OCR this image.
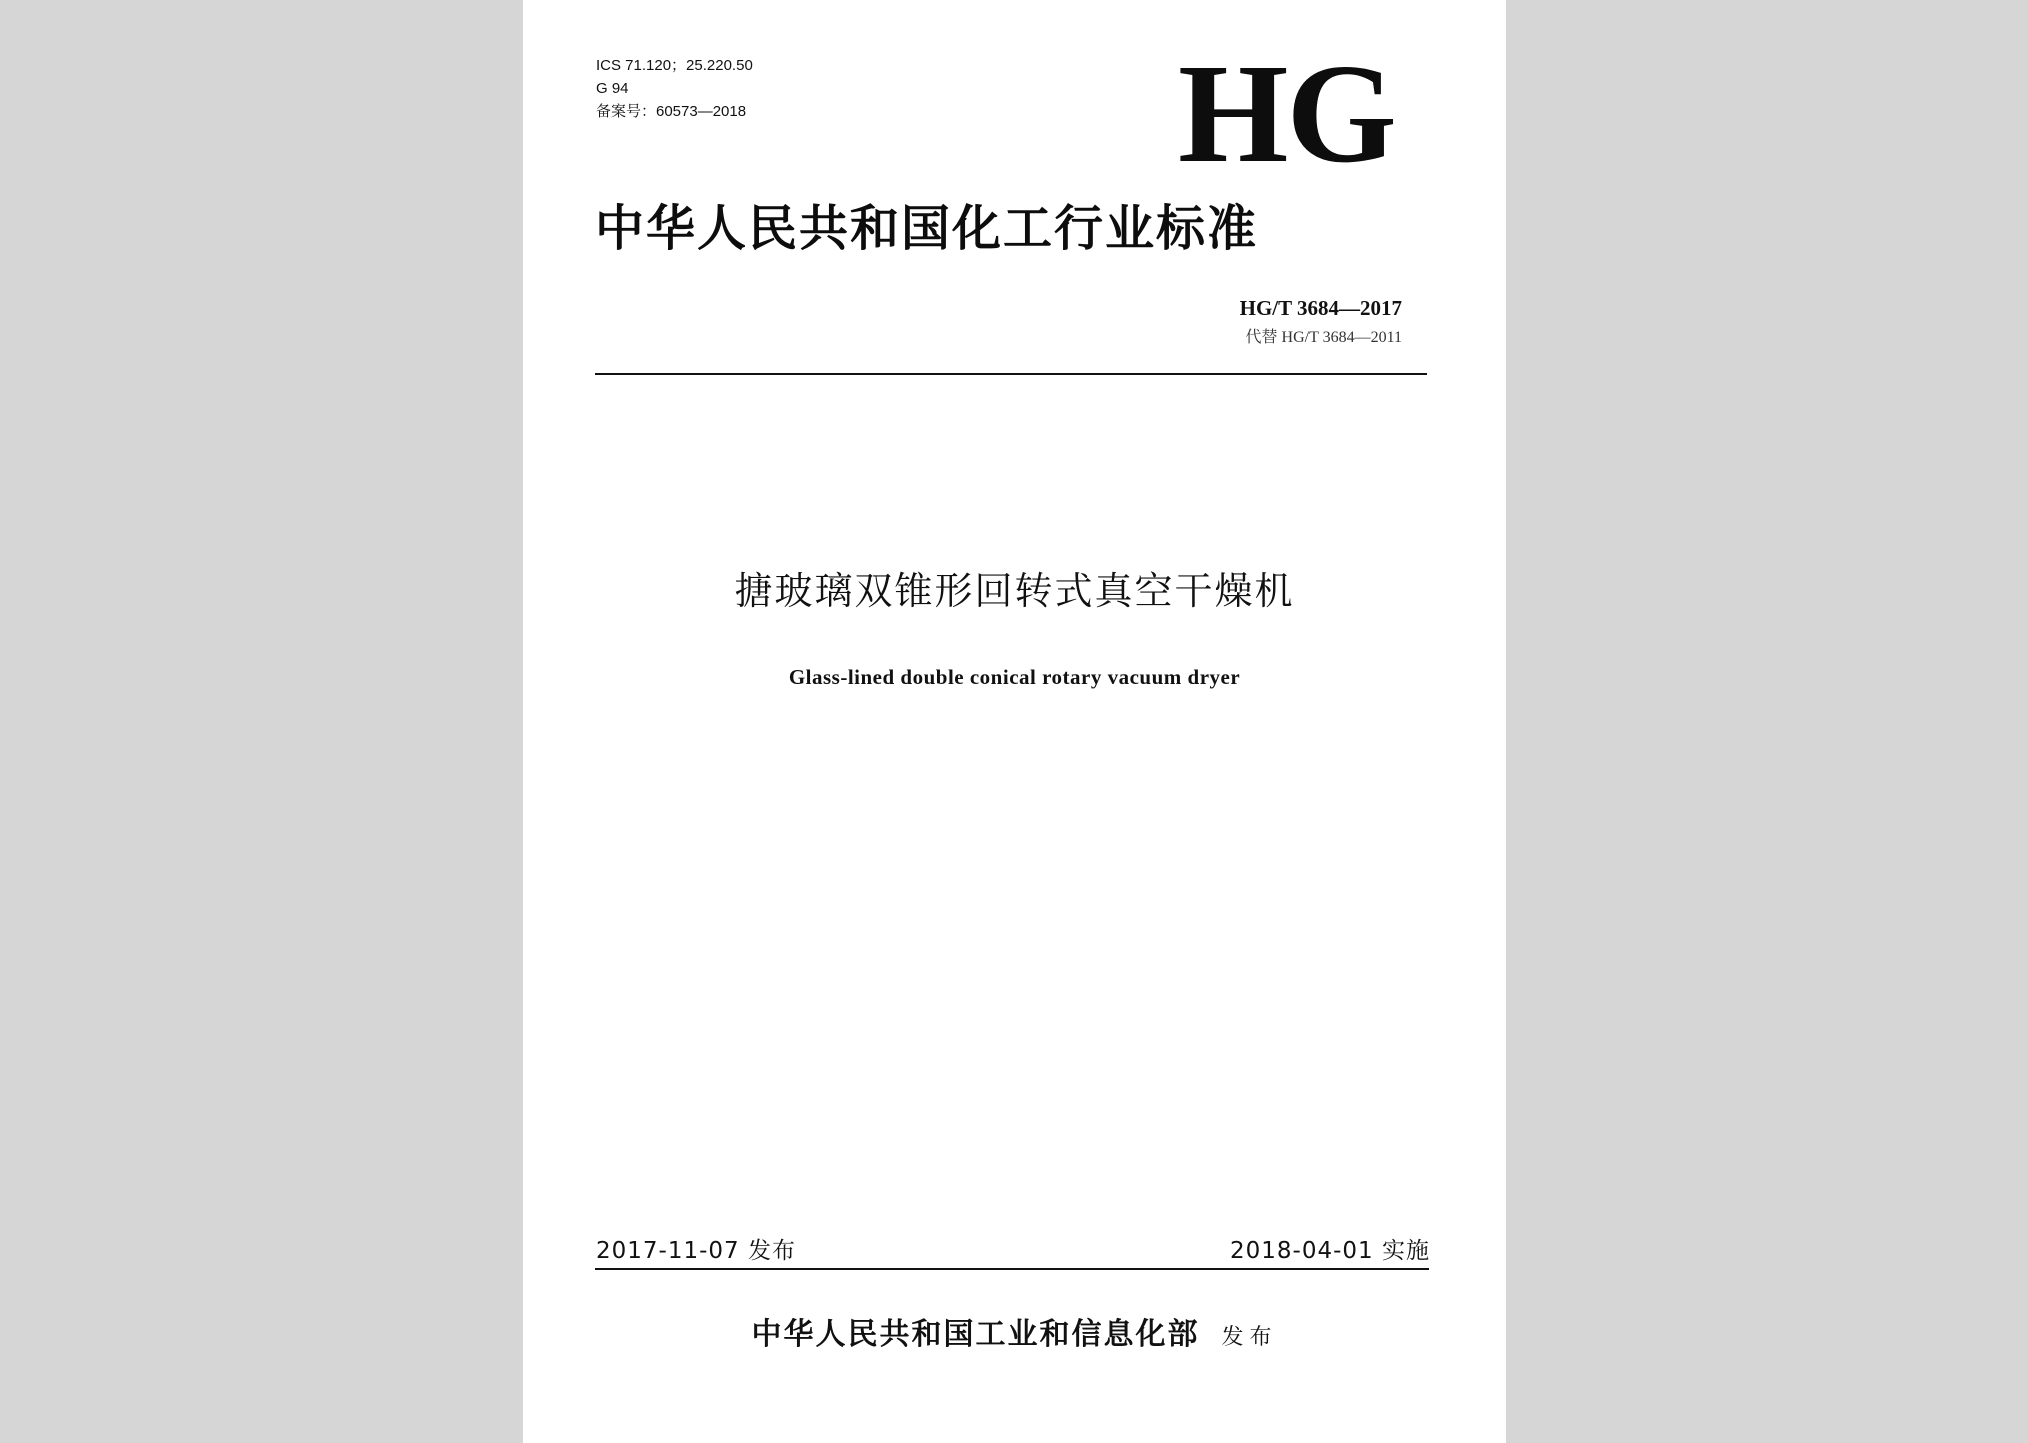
ICS 71.120；25.220.50
G 94
备案号：60573—2018	HG
中华人民共和国化工行业标准
HG/T 3684—2017
代替 HG/T 3684—2011
搪玻璃双锥形回转式真空干燥机
Glass-lined double conical rotary vacuum dryer
2017-11-07 发布	2018-04-01 实施
中华人民共和国工业和信息化部 发布
